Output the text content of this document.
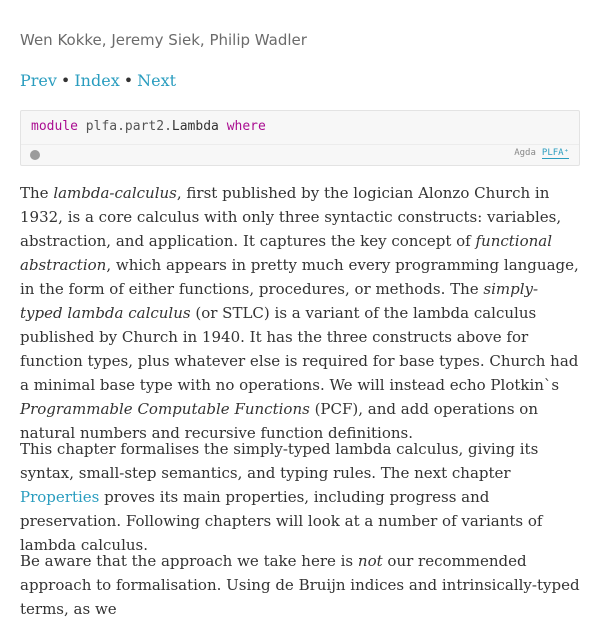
Wen Kokke, Jeremy Siek, Philip Wadler
Prev • Index • Next
module plfa.part2.Lambda where
Agda PLFA⁺

The lambda-calculus, first published by the logician Alonzo Church in 1932, is a core calculus with only three syntactic constructs: variables, abstraction, and application. It captures the key concept of functional abstraction, which appears in pretty much every programming language, in the form of either functions, procedures, or methods. The simply-typed lambda calculus (or STLC) is a variant of the lambda calculus published by Church in 1940. It has the three constructs above for function types, plus whatever else is required for base types. Church had a minimal base type with no operations. We will instead echo Plotkin`s Programmable Computable Functions (PCF), and add operations on natural numbers and recursive function definitions.

This chapter formalises the simply-typed lambda calculus, giving its syntax, small-step semantics, and typing rules. The next chapter Properties proves its main properties, including progress and preservation. Following chapters will look at a number of variants of lambda calculus.

Be aware that the approach we take here is not our recommended approach to formalisation. Using de Bruijn indices and intrinsically-typed terms, as we
